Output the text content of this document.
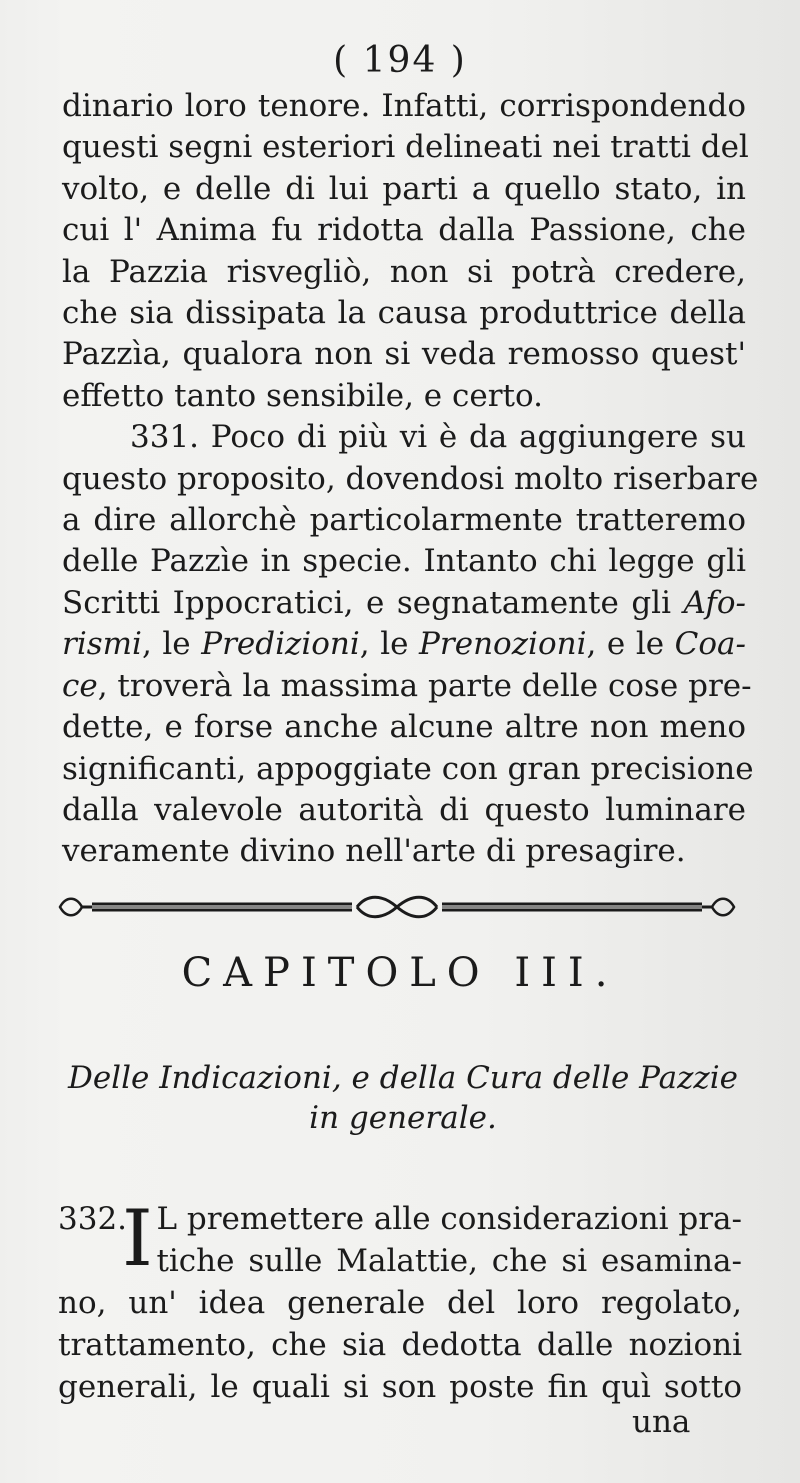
( 194 )
dinario loro tenore. Infatti, corrispondendo
questi segni esteriori delineati nei tratti del
volto, e delle di lui parti a quello stato, in
cui l' Anima fu ridotta dalla Passione, che
la Pazzia risvegliò, non si potrà credere,
che sia dissipata la causa produttrice della
Pazzìa, qualora non si veda remosso quest'
effetto tanto sensibile, e certo.
331. Poco di più vi è da aggiungere su
questo proposito, dovendosi molto riserbare
a dire allorchè particolarmente tratteremo
delle Pazzìe in specie. Intanto chi legge gli
Scritti Ippocratici, e segnatamente gli Afo-
rismi, le Predizioni, le Prenozioni, e le Coa-
ce, troverà la massima parte delle cose pre-
dette, e forse anche alcune altre non meno
significanti, appoggiate con gran precisione
dalla valevole autorità di questo luminare
veramente divino nell'arte di presagire.
CAPITOLO III.
Delle Indicazioni, e della Cura delle Pazzie
in generale.
332.
I L premettere alle considerazioni pra-
tiche sulle Malattie, che si esamina-
no, un' idea generale del loro regolato,
trattamento, che sia dedotta dalle nozioni
generali, le quali si son poste fin quì sotto
una
